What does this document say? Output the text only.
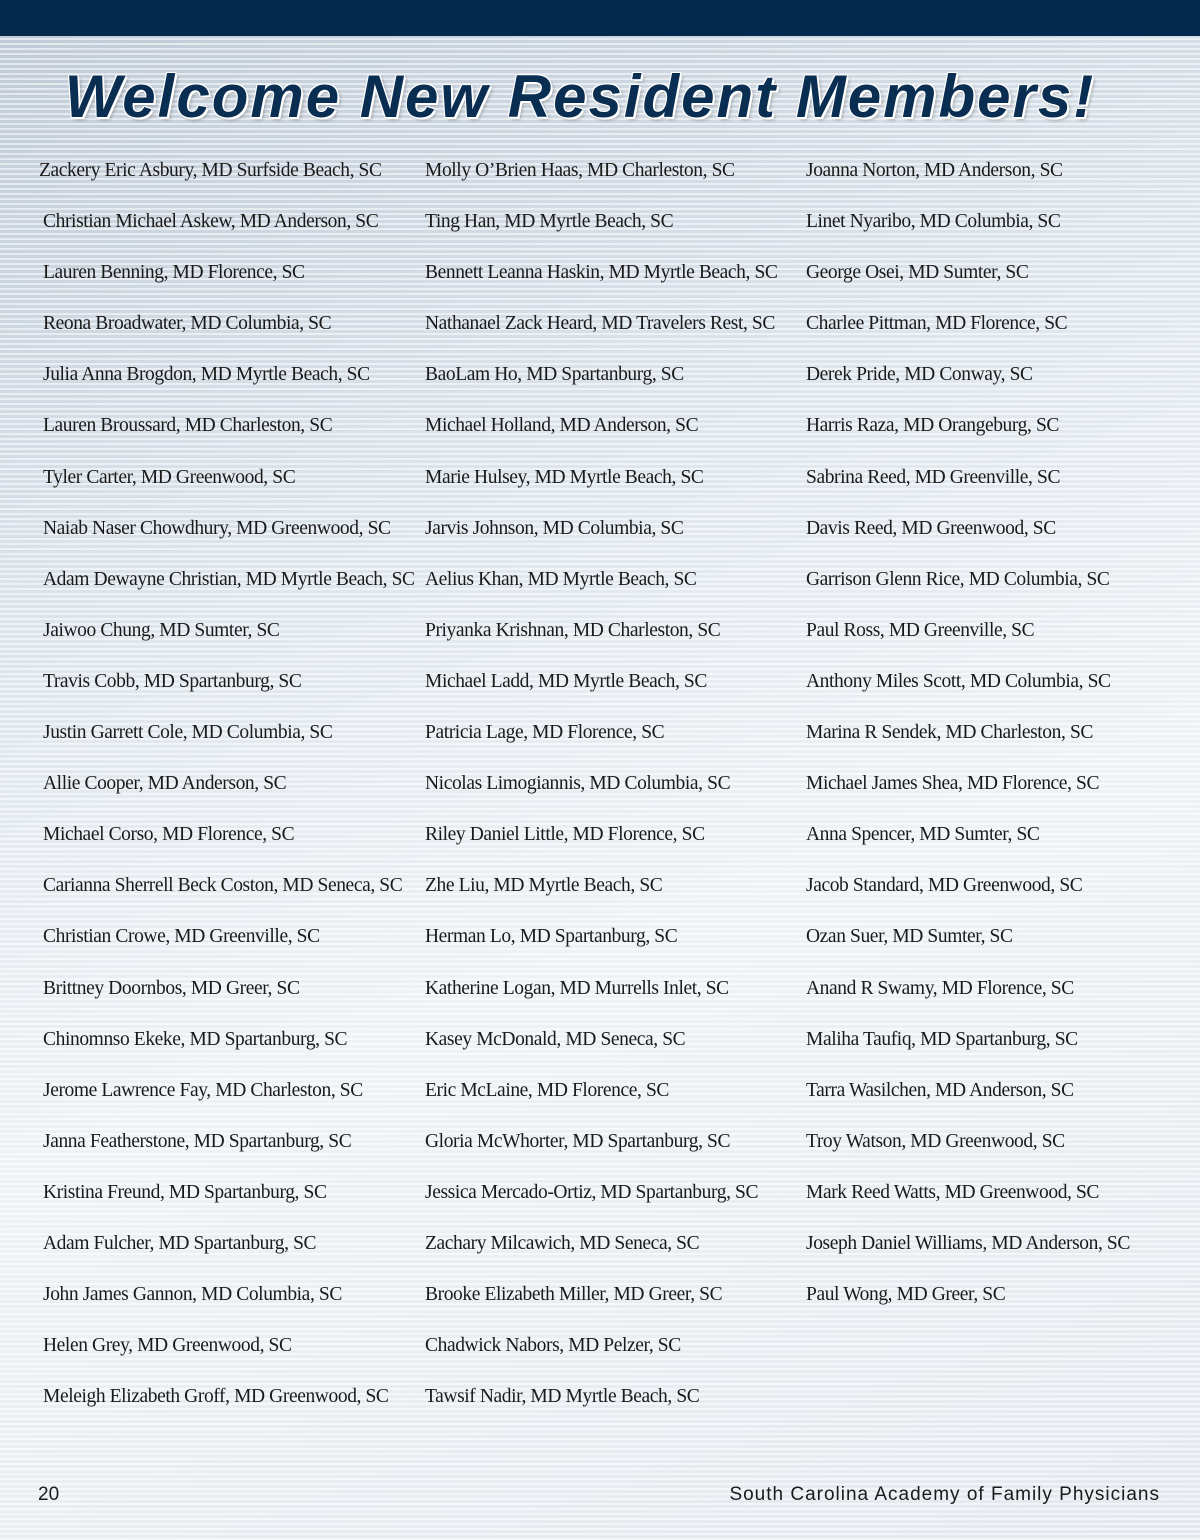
Welcome New Resident Members!
Zackery Eric Asbury, MD Surfside Beach, SC
Christian Michael Askew, MD Anderson, SC
Lauren Benning, MD Florence, SC
Reona Broadwater, MD Columbia, SC
Julia Anna Brogdon, MD Myrtle Beach, SC
Lauren Broussard, MD Charleston, SC
Tyler Carter, MD Greenwood, SC
Naiab Naser Chowdhury, MD Greenwood, SC
Adam Dewayne Christian, MD Myrtle Beach, SC
Jaiwoo Chung, MD Sumter, SC
Travis Cobb, MD Spartanburg, SC
Justin Garrett Cole, MD Columbia, SC
Allie Cooper, MD Anderson, SC
Michael Corso, MD Florence, SC
Carianna Sherrell Beck Coston, MD Seneca, SC
Christian Crowe, MD Greenville, SC
Brittney Doornbos, MD Greer, SC
Chinomnso Ekeke, MD Spartanburg, SC
Jerome Lawrence Fay, MD Charleston, SC
Janna Featherstone, MD Spartanburg, SC
Kristina Freund, MD Spartanburg, SC
Adam Fulcher, MD Spartanburg, SC
John James Gannon, MD Columbia, SC
Helen Grey, MD Greenwood, SC
Meleigh Elizabeth Groff, MD Greenwood, SC
Molly O’Brien Haas, MD Charleston, SC
Ting Han, MD Myrtle Beach, SC
Bennett Leanna Haskin, MD Myrtle Beach, SC
Nathanael Zack Heard, MD Travelers Rest, SC
BaoLam Ho, MD Spartanburg, SC
Michael Holland, MD Anderson, SC
Marie Hulsey, MD Myrtle Beach, SC
Jarvis Johnson, MD Columbia, SC
Aelius Khan, MD Myrtle Beach, SC
Priyanka Krishnan, MD Charleston, SC
Michael Ladd, MD Myrtle Beach, SC
Patricia Lage, MD Florence, SC
Nicolas Limogiannis, MD Columbia, SC
Riley Daniel Little, MD Florence, SC
Zhe Liu, MD Myrtle Beach, SC
Herman Lo, MD Spartanburg, SC
Katherine Logan, MD Murrells Inlet, SC
Kasey McDonald, MD Seneca, SC
Eric McLaine, MD Florence, SC
Gloria McWhorter, MD Spartanburg, SC
Jessica Mercado-Ortiz, MD Spartanburg, SC
Zachary Milcawich, MD Seneca, SC
Brooke Elizabeth Miller, MD Greer, SC
Chadwick Nabors, MD Pelzer, SC
Tawsif Nadir, MD Myrtle Beach, SC
Joanna Norton, MD Anderson, SC
Linet Nyaribo, MD Columbia, SC
George Osei, MD Sumter, SC
Charlee Pittman, MD Florence, SC
Derek Pride, MD Conway, SC
Harris Raza, MD Orangeburg, SC
Sabrina Reed, MD Greenville, SC
Davis Reed, MD Greenwood, SC
Garrison Glenn Rice, MD Columbia, SC
Paul Ross, MD Greenville, SC
Anthony Miles Scott, MD Columbia, SC
Marina R Sendek, MD Charleston, SC
Michael James Shea, MD Florence, SC
Anna Spencer, MD Sumter, SC
Jacob Standard, MD Greenwood, SC
Ozan Suer, MD Sumter, SC
Anand R Swamy, MD Florence, SC
Maliha Taufiq, MD Spartanburg, SC
Tarra Wasilchen, MD Anderson, SC
Troy Watson, MD Greenwood, SC
Mark Reed Watts, MD Greenwood, SC
Joseph Daniel Williams, MD Anderson, SC
Paul Wong, MD Greer, SC
20	South Carolina Academy of Family Physicians
